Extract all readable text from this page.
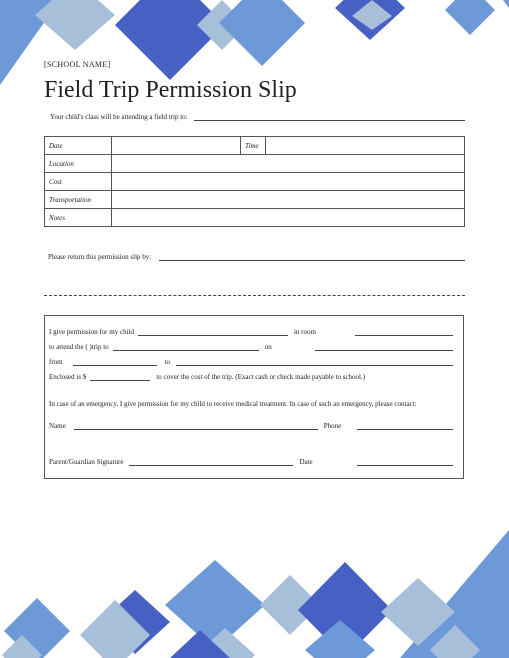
[SCHOOL NAME]
Field Trip Permission Slip
Your child's class will be attending a field trip to:
Date		Time	
Location			
Cost			
Transportation			
Notes			
Please return this permission slip by:
I give permission for my child	in room
to attend the ( )trip to	on
from	to
Enclosed is $	to cover the cost of the trip. (Exact cash or check made payable to school.)
In case of an emergency, I give permission for my child to receive medical treatment. In case of such an emergency, please contact:
Name	Phone
Parent/Guardian Signature	Date
